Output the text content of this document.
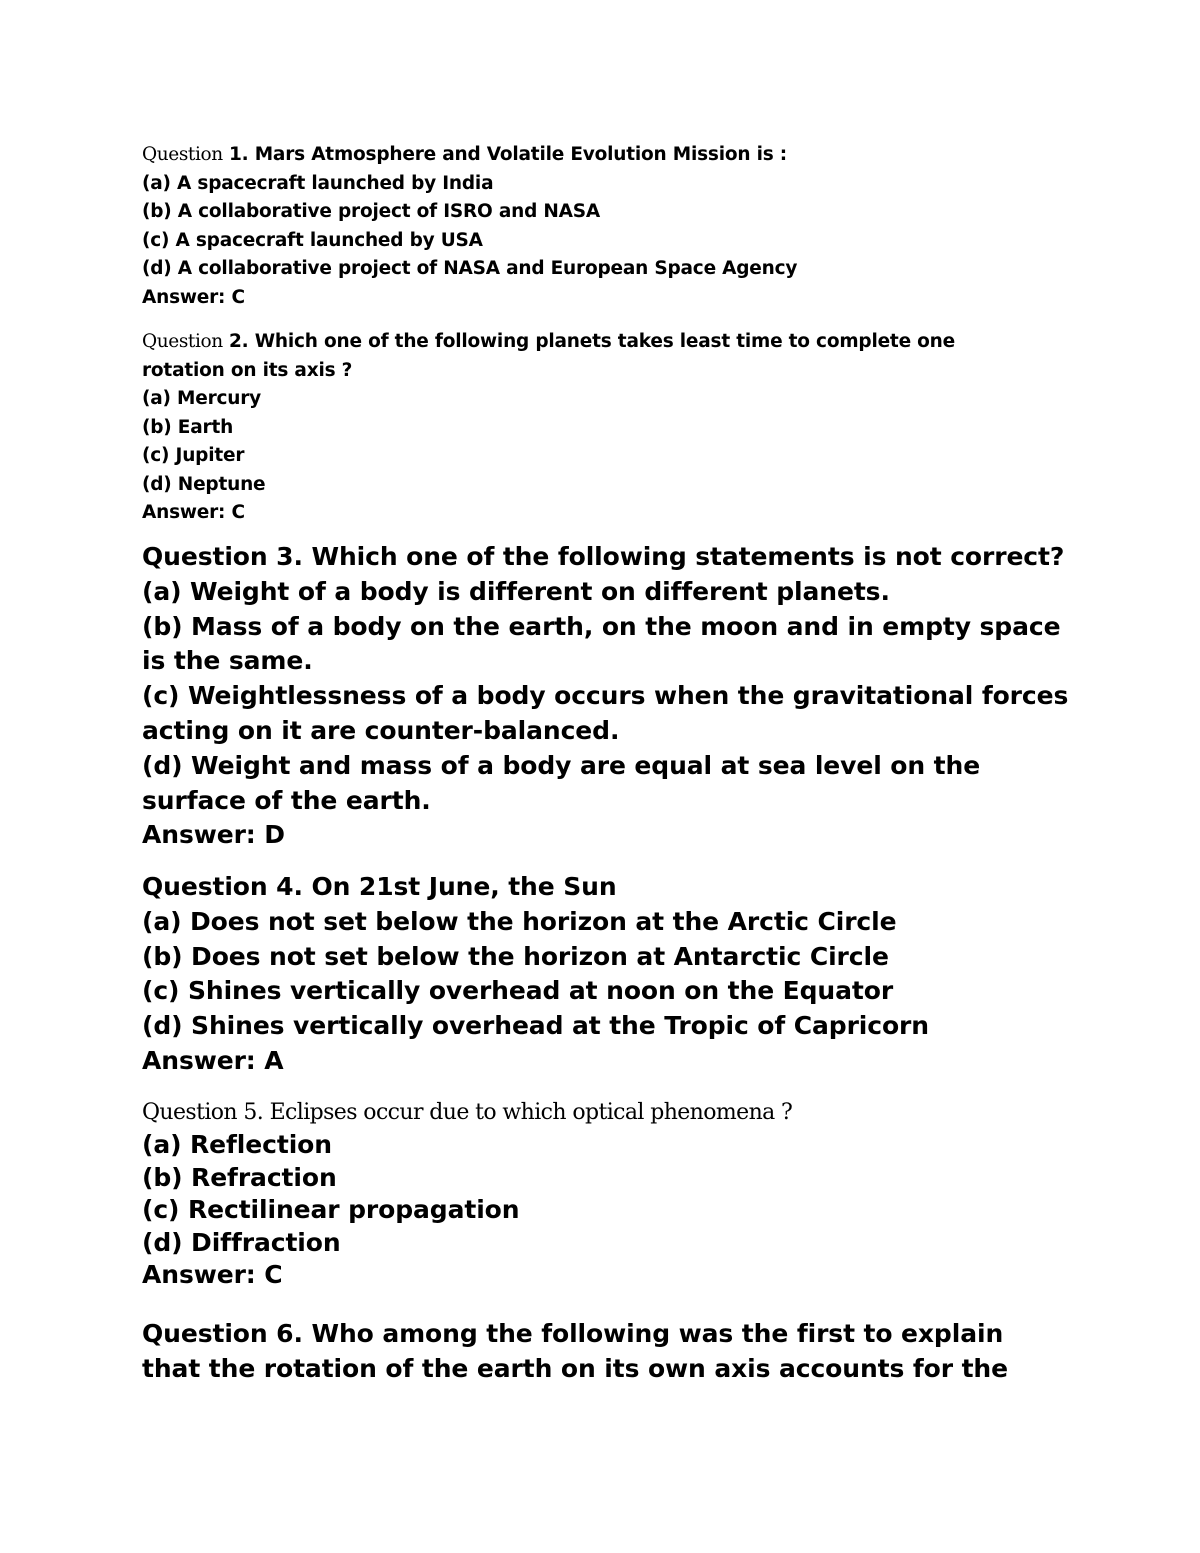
Question 1. Mars Atmosphere and Volatile Evolution Mission is :
(a) A spacecraft launched by India
(b) A collaborative project of ISRO and NASA
(c) A spacecraft launched by USA
(d) A collaborative project of NASA and European Space Agency
Answer: C
Question 2. Which one of the following planets takes least time to complete one
rotation on its axis ?
(a) Mercury
(b) Earth
(c) Jupiter
(d) Neptune
Answer: C
Question 3. Which one of the following statements is not correct?
(a) Weight of a body is different on different planets.
(b) Mass of a body on the earth, on the moon and in empty space
is the same.
(c) Weightlessness of a body occurs when the gravitational forces
acting on it are counter-balanced.
(d) Weight and mass of a body are equal at sea level on the
surface of the earth.
Answer: D
Question 4. On 21st June, the Sun
(a) Does not set below the horizon at the Arctic Circle
(b) Does not set below the horizon at Antarctic Circle
(c) Shines vertically overhead at noon on the Equator
(d) Shines vertically overhead at the Tropic of Capricorn
Answer: A
Question 5. Eclipses occur due to which optical phenomena ?
(a) Reflection
(b) Refraction
(c) Rectilinear propagation
(d) Diffraction
Answer: C
Question 6. Who among the following was the first to explain
that the rotation of the earth on its own axis accounts for the
